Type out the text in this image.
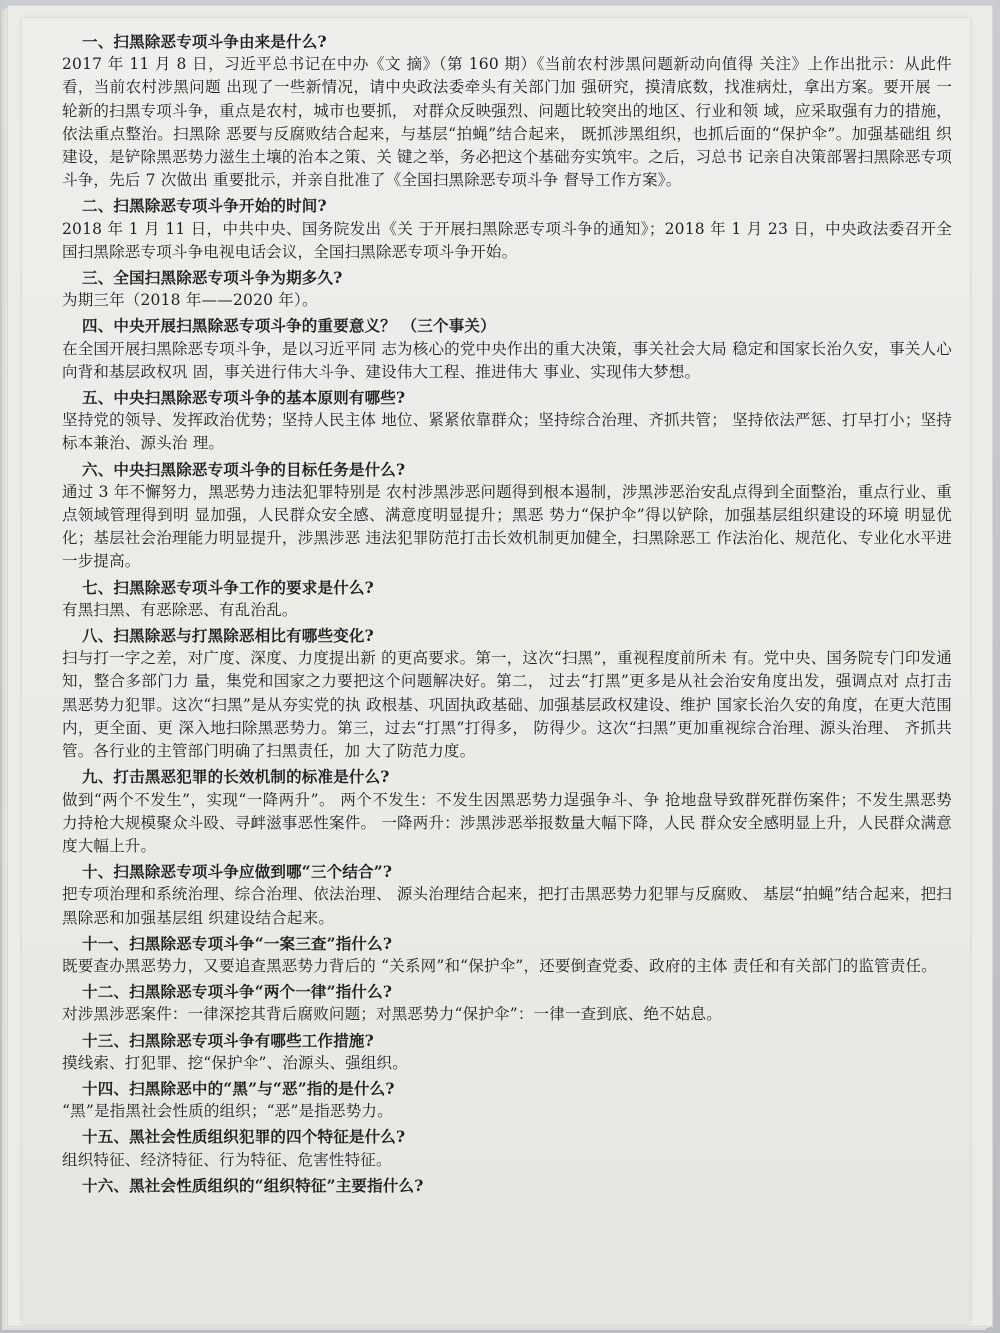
一、扫黑除恶专项斗争由来是什么?
2017 年 11 月 8 日，习近平总书记在中办《文 摘》（第 160 期）《当前农村涉黑问题新动向值得 关注》上作出批示：从此件看，当前农村涉黑问题 出现了一些新情况，请中央政法委牵头有关部门加 强研究，摸清底数，找准病灶，拿出方案。要开展 一轮新的扫黑专项斗争，重点是农村，城市也要抓， 对群众反映强烈、问题比较突出的地区、行业和领 域，应采取强有力的措施，依法重点整治。扫黑除 恶要与反腐败结合起来，与基层“拍蝇”结合起来， 既抓涉黑组织，也抓后面的“保护伞”。加强基础组 织建设，是铲除黑恶势力滋生土壤的治本之策、关 键之举，务必把这个基础夯实筑牢。之后，习总书 记亲自决策部署扫黑除恶专项斗争，先后 7 次做出 重要批示，并亲自批准了《全国扫黑除恶专项斗争 督导工作方案》。
二、扫黑除恶专项斗争开始的时间?
2018 年 1 月 11 日，中共中央、国务院发出《关 于开展扫黑除恶专项斗争的通知》；2018 年 1 月 23 日，中央政法委召开全国扫黑除恶专项斗争电视电话会议，全国扫黑除恶专项斗争开始。
三、全国扫黑除恶专项斗争为期多久?
为期三年（2018 年——2020 年）。
四、中央开展扫黑除恶专项斗争的重要意义？ （三个事关）
在全国开展扫黑除恶专项斗争，是以习近平同 志为核心的党中央作出的重大决策，事关社会大局 稳定和国家长治久安，事关人心向背和基层政权巩 固，事关进行伟大斗争、建设伟大工程、推进伟大 事业、实现伟大梦想。
五、中央扫黑除恶专项斗争的基本原则有哪些?
坚持党的领导、发挥政治优势；坚持人民主体 地位、紧紧依靠群众；坚持综合治理、齐抓共管； 坚持依法严惩、打早打小；坚持标本兼治、源头治 理。
六、中央扫黑除恶专项斗争的目标任务是什么?
通过 3 年不懈努力，黑恶势力违法犯罪特别是 农村涉黑涉恶问题得到根本遏制，涉黑涉恶治安乱点得到全面整治，重点行业、重点领域管理得到明 显加强，人民群众安全感、满意度明显提升；黑恶 势力“保护伞”得以铲除，加强基层组织建设的环境 明显优化；基层社会治理能力明显提升，涉黑涉恶 违法犯罪防范打击长效机制更加健全，扫黑除恶工 作法治化、规范化、专业化水平进一步提高。
七、扫黑除恶专项斗争工作的要求是什么?
有黑扫黑、有恶除恶、有乱治乱。
八、扫黑除恶与打黑除恶相比有哪些变化?
扫与打一字之差，对广度、深度、力度提出新 的更高要求。第一，这次“扫黑”，重视程度前所未 有。党中央、国务院专门印发通知，整合多部门力 量，集党和国家之力要把这个问题解决好。第二， 过去“打黑”更多是从社会治安角度出发，强调点对 点打击黑恶势力犯罪。这次“扫黑”是从夯实党的执 政根基、巩固执政基础、加强基层政权建设、维护 国家长治久安的角度，在更大范围内，更全面、更 深入地扫除黑恶势力。第三，过去“打黑”打得多， 防得少。这次“扫黑”更加重视综合治理、源头治理、 齐抓共管。各行业的主管部门明确了扫黑责任，加 大了防范力度。
九、打击黑恶犯罪的长效机制的标准是什么?
做到“两个不发生”，实现“一降两升”。 两个不发生：不发生因黑恶势力逞强争斗、争 抢地盘导致群死群伤案件；不发生黑恶势力持枪大规模聚众斗殴、寻衅滋事恶性案件。 一降两升：涉黑涉恶举报数量大幅下降，人民 群众安全感明显上升，人民群众满意度大幅上升。
十、扫黑除恶专项斗争应做到哪“三个结合”?
把专项治理和系统治理、综合治理、依法治理、 源头治理结合起来，把打击黑恶势力犯罪与反腐败、 基层“拍蝇”结合起来，把扫黑除恶和加强基层组 织建设结合起来。
十一、扫黑除恶专项斗争“一案三查”指什么?
既要查办黑恶势力，又要追查黑恶势力背后的 “关系网”和“保护伞”，还要倒查党委、政府的主体 责任和有关部门的监管责任。
十二、扫黑除恶专项斗争“两个一律”指什么?
对涉黑涉恶案件：一律深挖其背后腐败问题；对黑恶势力“保护伞”：一律一查到底、绝不姑息。
十三、扫黑除恶专项斗争有哪些工作措施?
摸线索、打犯罪、挖“保护伞”、治源头、强组织。
十四、扫黑除恶中的“黑”与“恶”指的是什么?
“黑”是指黑社会性质的组织；“恶”是指恶势力。
十五、黑社会性质组织犯罪的四个特征是什么?
组织特征、经济特征、行为特征、危害性特征。
十六、黑社会性质组织的“组织特征”主要指什么?
